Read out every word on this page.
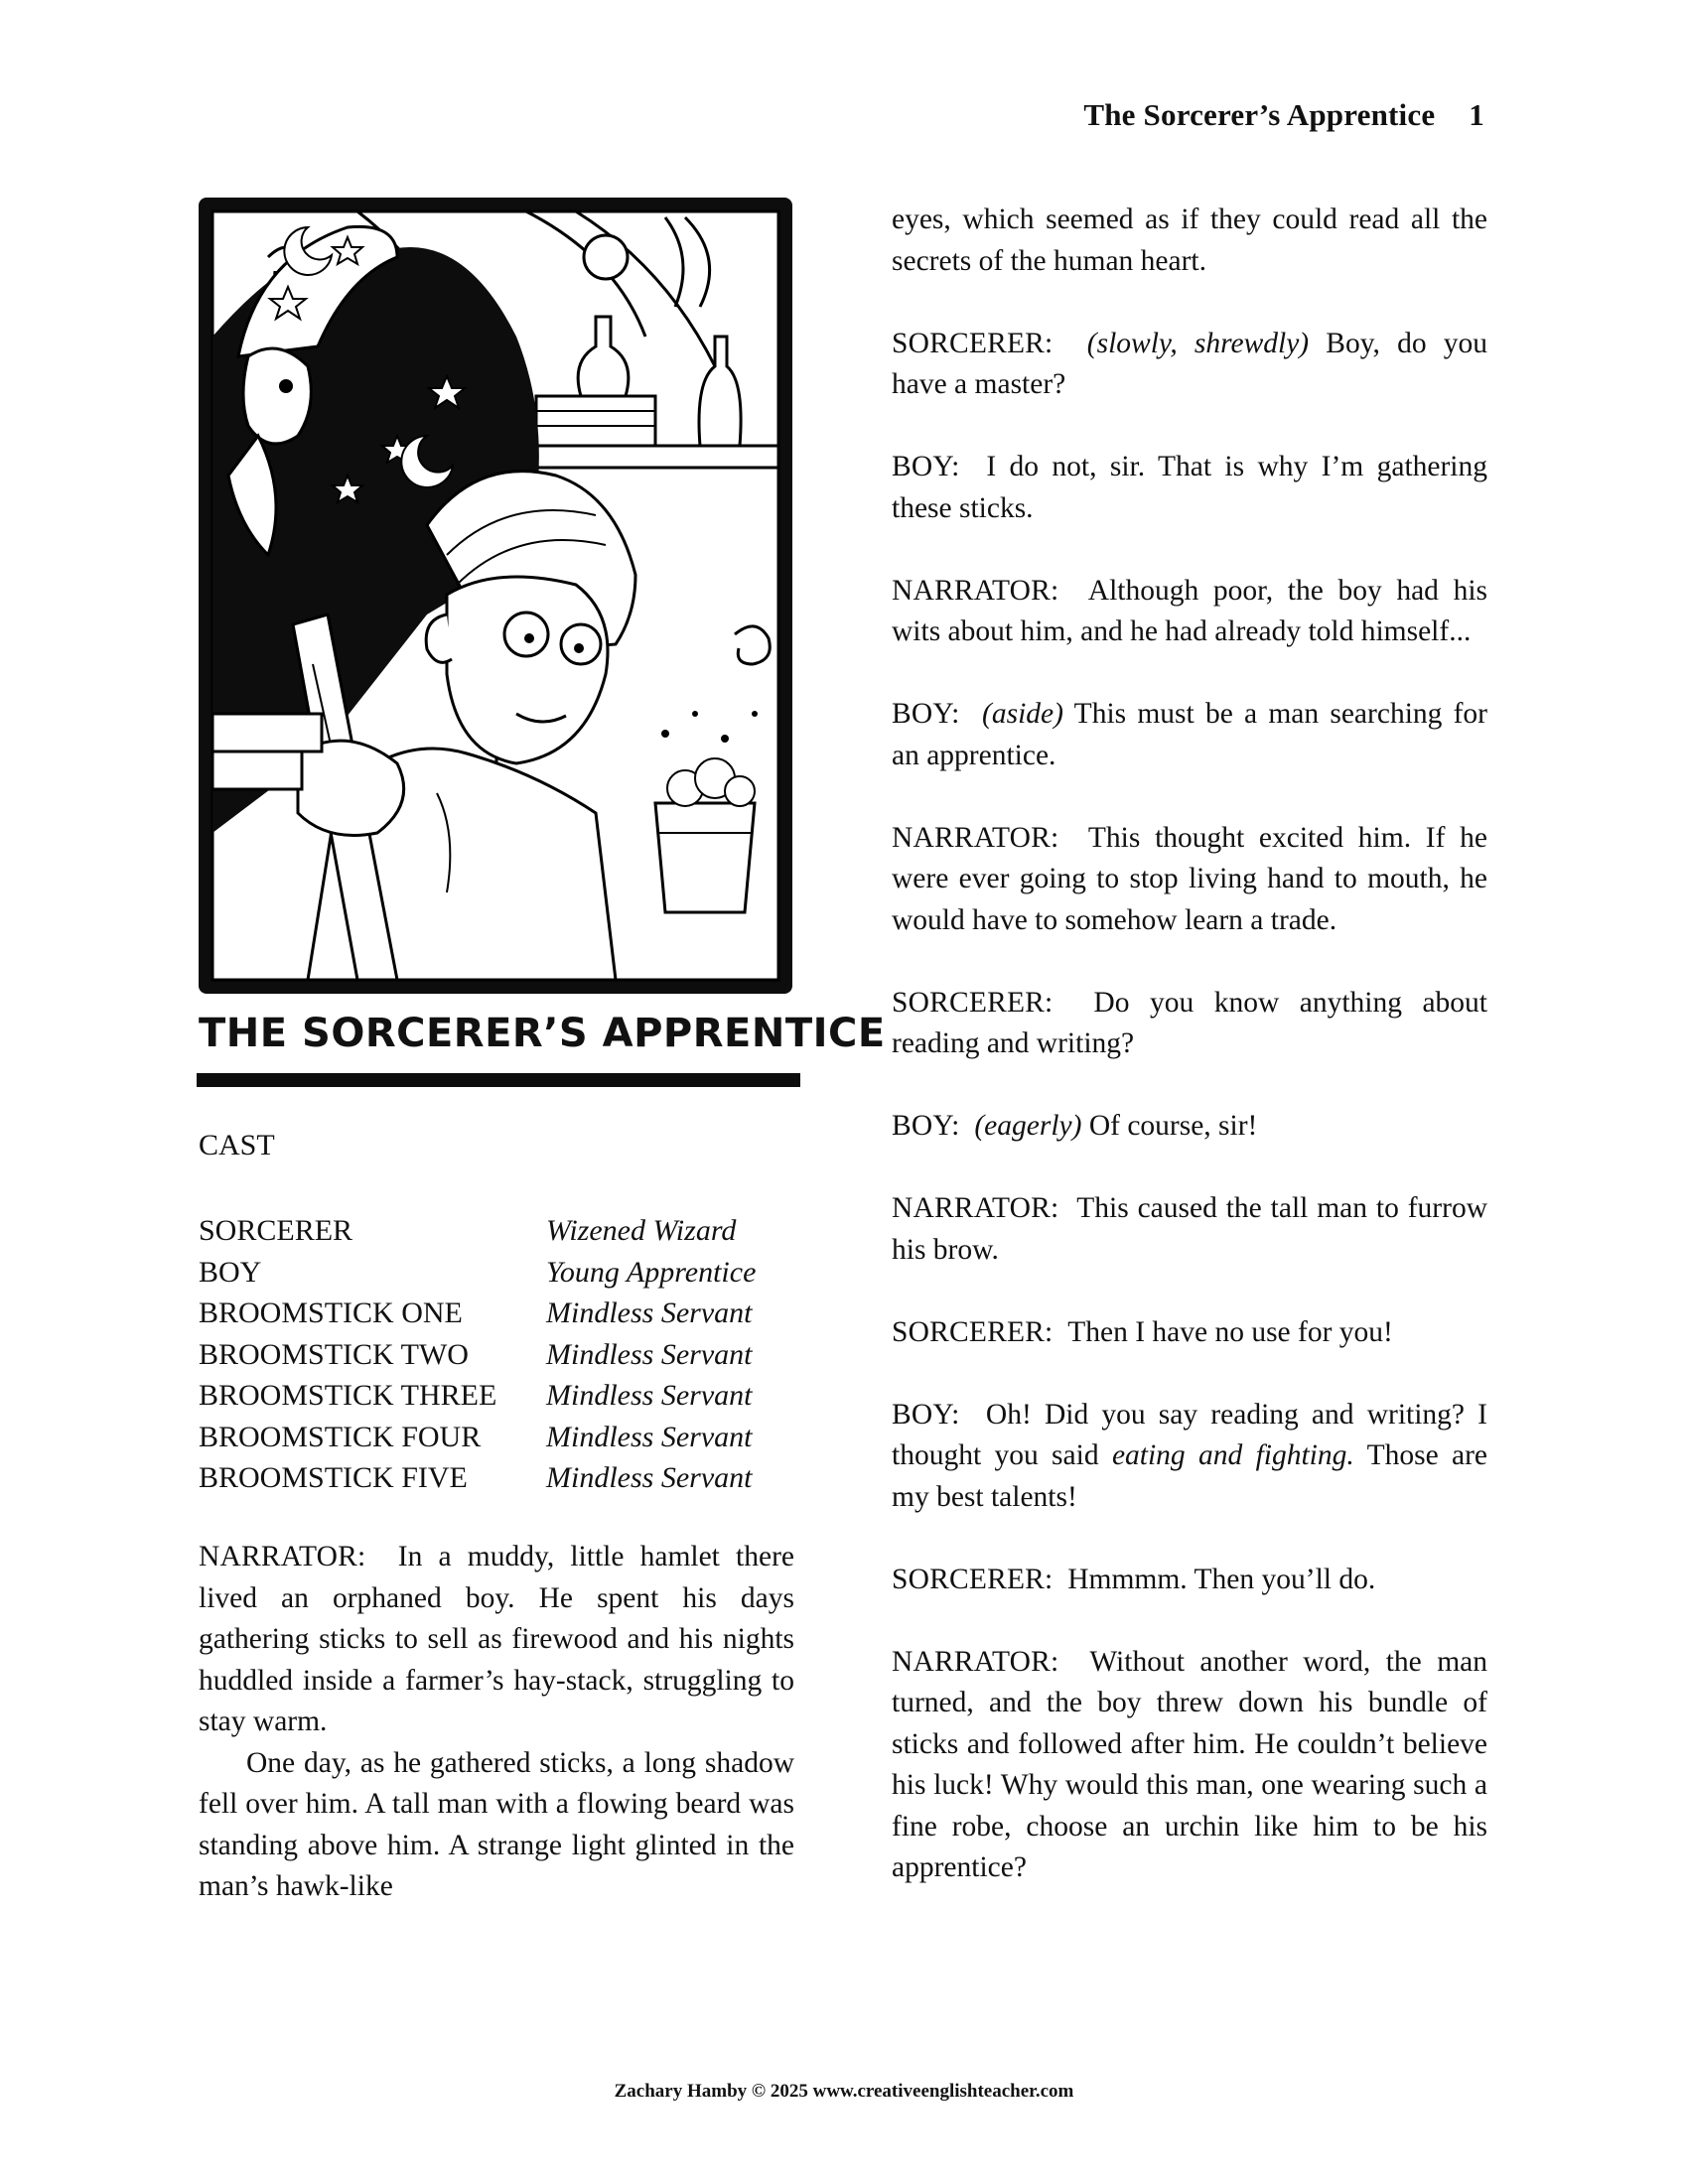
The Sorcerer’s Apprentice 1
THE SORCERER’S APPRENTICE
CAST
SORCERER	Wizened Wizard
BOY	Young Apprentice
BROOMSTICK ONE	Mindless Servant
BROOMSTICK TWO	Mindless Servant
BROOMSTICK THREE	Mindless Servant
BROOMSTICK FOUR	Mindless Servant
BROOMSTICK FIVE	Mindless Servant

NARRATOR: In a muddy, little hamlet there lived an orphaned boy. He spent his days gathering sticks to sell as firewood and his nights huddled inside a farmer’s hay-stack, struggling to stay warm.

One day, as he gathered sticks, a long shadow fell over him. A tall man with a flowing beard was standing above him. A strange light glinted in the man’s hawk-like

eyes, which seemed as if they could read all the secrets of the human heart.

SORCERER: (slowly, shrewdly) Boy, do you have a master?

BOY: I do not, sir. That is why I’m gathering these sticks.

NARRATOR: Although poor, the boy had his wits about him, and he had already told himself...

BOY: (aside) This must be a man searching for an apprentice.

NARRATOR: This thought excited him. If he were ever going to stop living hand to mouth, he would have to somehow learn a trade.

SORCERER: Do you know anything about reading and writing?

BOY: (eagerly) Of course, sir!

NARRATOR: This caused the tall man to furrow his brow.

SORCERER: Then I have no use for you!

BOY: Oh! Did you say reading and writing? I thought you said eating and fighting. Those are my best talents!

SORCERER: Hmmmm. Then you’ll do.

NARRATOR: Without another word, the man turned, and the boy threw down his bundle of sticks and followed after him. He couldn’t believe his luck! Why would this man, one wearing such a fine robe, choose an urchin like him to be his apprentice?

Zachary Hamby © 2025 www.creativeenglishteacher.com
